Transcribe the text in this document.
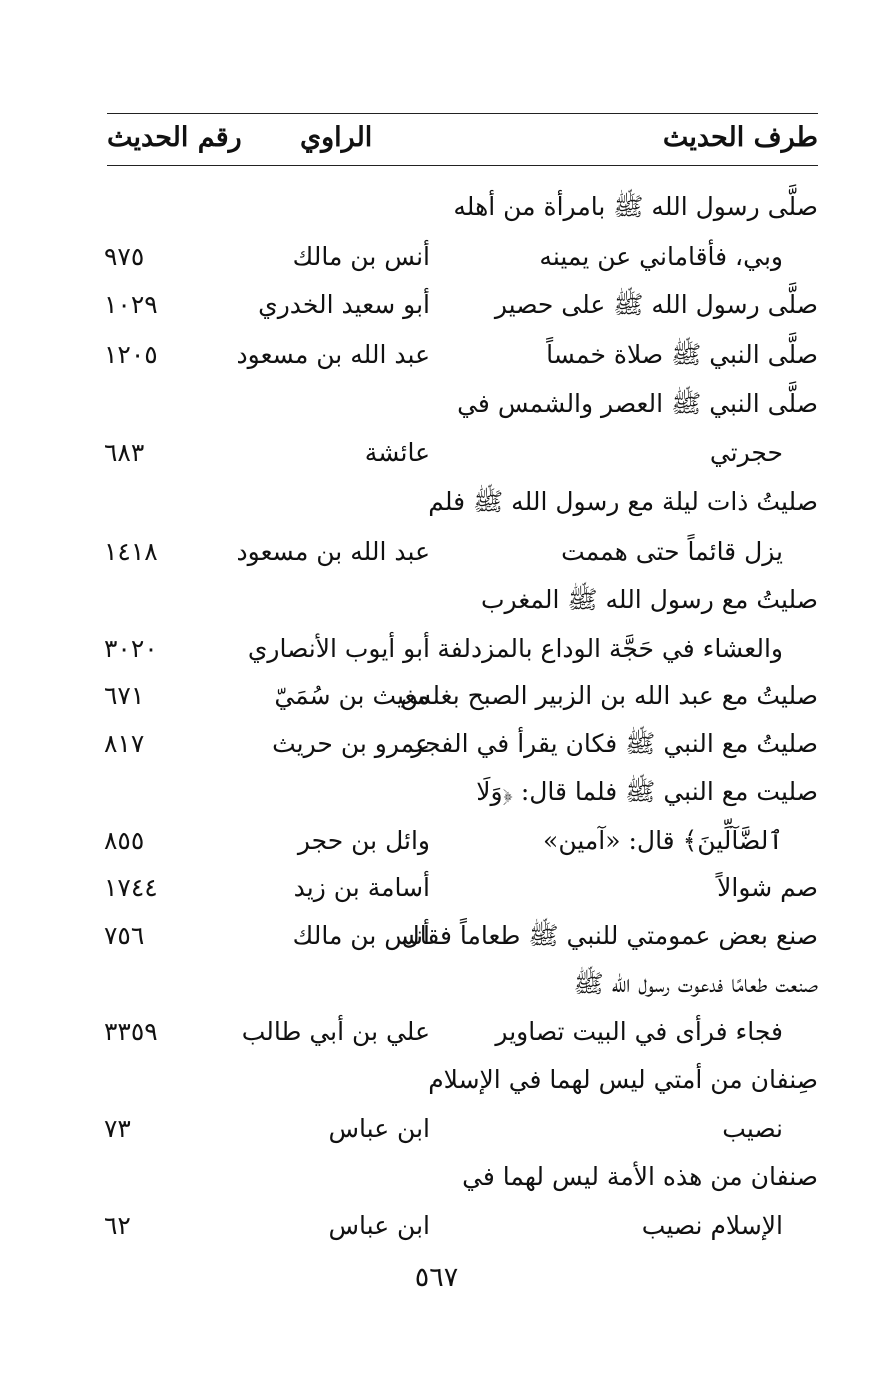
طرف الحديث
الراوي
رقم الحديث
صلَّى رسول الله ﷺ بامرأة من أهله
وبي، فأقاماني عن يمينه
أنس بن مالك
٩٧٥
صلَّى رسول الله ﷺ على حصير
أبو سعيد الخدري
١٠٢٩
صلَّى النبي ﷺ صلاة خمساً
عبد الله بن مسعود
١٢٠٥
صلَّى النبي ﷺ العصر والشمس في
حجرتي
عائشة
٦٨٣
صليتُ ذات ليلة مع رسول الله ﷺ فلم
يزل قائماً حتى هممت
عبد الله بن مسعود
١٤١٨
صليتُ مع رسول الله ﷺ المغرب
والعشاء في حَجَّة الوداع بالمزدلفة
أبو أيوب الأنصاري
٣٠٢٠
صليتُ مع عبد الله بن الزبير الصبح بغلس
مغيث بن سُمَيّ
٦٧١
صليتُ مع النبي ﷺ فكان يقرأ في الفجر
عمرو بن حريث
٨١٧
صليت مع النبي ﷺ فلما قال: ﴿وَلَا
ٱلضَّآلِّينَ﴾ قال: «آمين»
وائل بن حجر
٨٥٥
صم شوالاً
أسامة بن زيد
١٧٤٤
صنع بعض عمومتي للنبي ﷺ طعاماً فقال
أنس بن مالك
٧٥٦
صنعت طعامًا فدعوت رسول الله ﷺ
فجاء فرأى في البيت تصاوير
علي بن أبي طالب
٣٣٥٩
صِنفان من أمتي ليس لهما في الإسلام
نصيب
ابن عباس
٧٣
صنفان من هذه الأمة ليس لهما في
الإسلام نصيب
ابن عباس
٦٢
٥٦٧
